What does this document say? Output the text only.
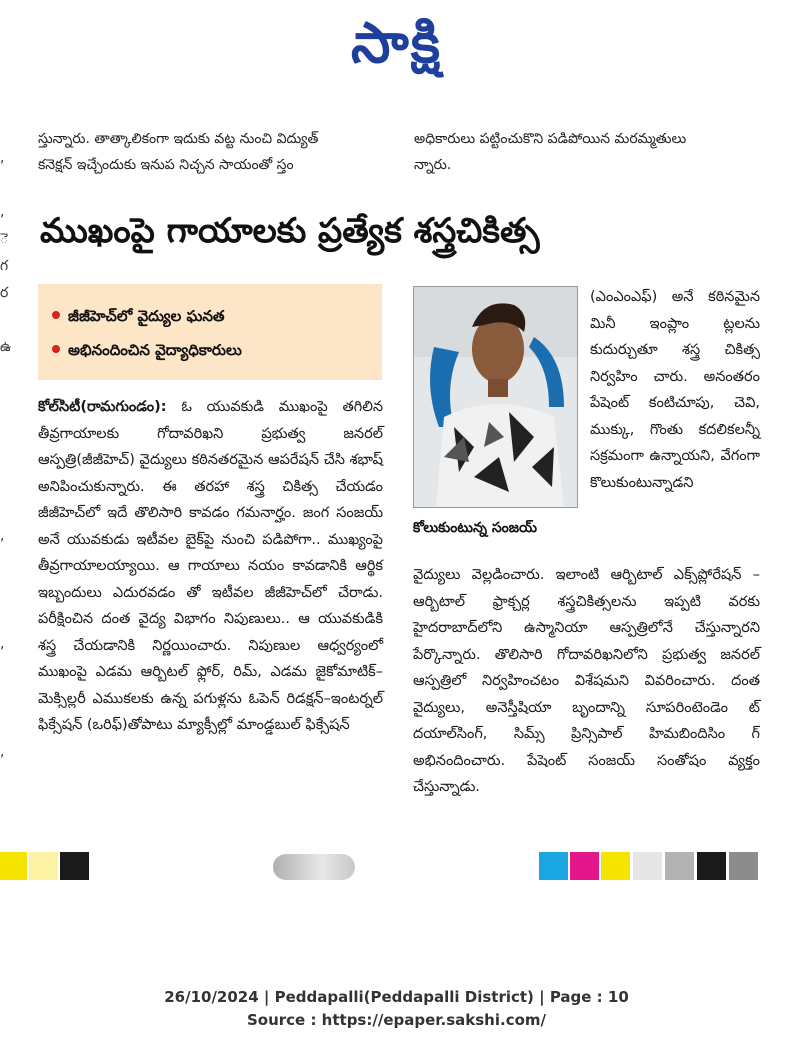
సాక్షి

,

,
ె
గ
ర

ఉ

,

,

,

స్తున్నారు. తాత్కాలికంగా ఇదుకు వట్ట నుంచి విద్యుత్
కనెక్షన్ ఇచ్చేందుకు ఇనుప నిచ్చన సాయంతో స్తం
అధికారులు పట్టించుకొని పడిపోయిన మరమ్మతులు
న్నారు.
ముఖంపై గాయాలకు ప్రత్యేక శస్త్రచికిత్స
జీజీహెచ్‌లో వైద్యుల ఘనత
అభినందించిన వైద్యాధికారులు
కోల్‌సిటీ(రామగుండం): ఓ యువకుడి ముఖంపై తగిలిన తీవ్రగాయాలకు గోదావరిఖని ప్రభుత్వ జనరల్ ఆస్పత్రి(జీజీహెచ్) వైద్యులు కఠినతరమైన ఆపరేషన్ చేసి శభాష్ అనిపించుకున్నారు. ఈ తరహా శస్త్ర చికిత్స చేయడం జీజీహెచ్‌లో ఇదే తొలిసారి కావడం గమనార్హం. జంగ సంజయ్ అనే యువకుడు ఇటీవల బైక్‌పై నుంచి పడిపోగా.. ముఖ్యంపై తీవ్రగాయాలయ్యాయి. ఆ గాయాలు నయం కావడానికి ఆర్థిక ఇబ్బందులు ఎదురవడం తో ఇటీవల జీజీహెచ్‌లో చేరాడు. పరీక్షించిన దంత వైద్య విభాగం నిపుణులు.. ఆ యువకుడికి శస్త్ర చేయడానికి నిర్ణయించారు. నిపుణుల ఆధ్వర్యంలో ముఖంపై ఎడమ ఆర్బిటల్ ఫ్లోర్, రిమ్, ఎడమ జైకోమాటిక్–మెక్సిల్లరీ ఎముకలకు ఉన్న పగుళ్లను ఓపెన్ రిడక్షన్–ఇంటర్నల్ ఫిక్సేషన్ (ఒరిఫ్)తోపాటు మ్యాక్సీల్లో మాండ్డబుల్ ఫిక్సేషన్
కోలుకుంటున్న సంజయ్
(ఎంఎంఎఫ్) అనే కఠినమైన మినీ ఇంప్లాం ట్లలను కుదుర్చుతూ శస్త్ర చికిత్స నిర్వహిం చారు. అనంతరం పేషెంట్ కంటిచూపు, చెవి, ముక్కు, గొంతు కదలికలన్నీ సక్రమంగా ఉన్నాయని, వేగంగా కొలుకుంటున్నాడని
వైద్యులు వెల్లడించారు. ఇలాంటి ఆర్బిటాల్ ఎక్స్‌ప్లోరేషన్ – ఆర్బిటాల్ ఫ్రాక్చర్ల శస్త్రచికిత్సలను ఇప్పటి వరకు హైదరాబాద్‌లోని ఉస్మానియా ఆస్పత్రిలోనే చేస్తున్నారని పేర్కొన్నారు. తొలిసారి గోదావరిఖనిలోని ప్రభుత్వ జనరల్ ఆస్పత్రిలో నిర్వహించటం విశేషమని వివరించారు. దంత వైద్యులు, అనెస్తీషియా బృందాన్ని సూపరింటెండెం ట్ దయాల్‌సింగ్, సిమ్స్ ప్రిన్సిపాల్ హిమబిందిసిం గ్ అభినందించారు. పేషెంట్ సంజయ్ సంతోషం వ్యక్తం చేస్తున్నాడు.
26/10/2024 | Peddapalli(Peddapalli District) | Page : 10
Source : https://epaper.sakshi.com/
